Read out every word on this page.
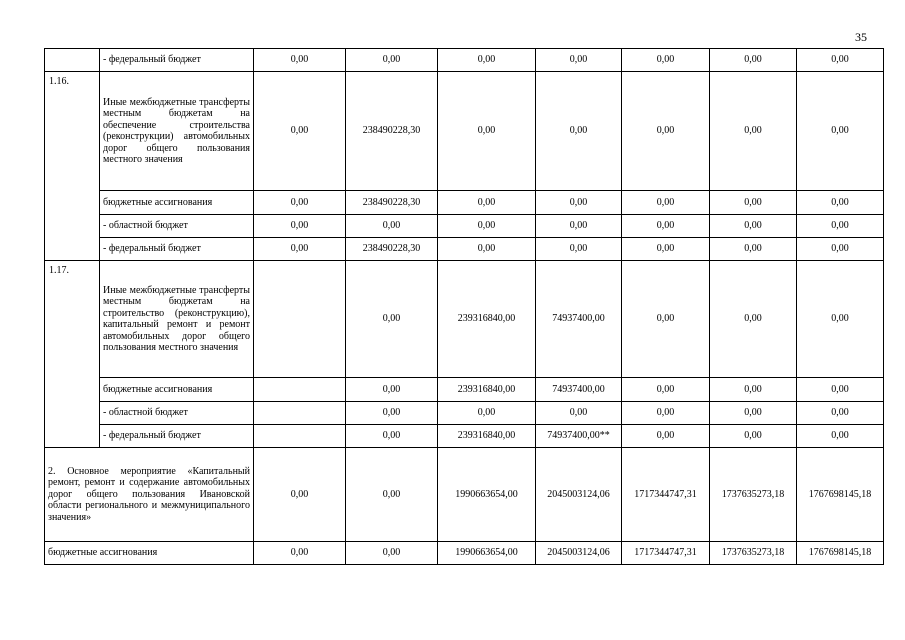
35
	- федеральный бюджет	0,00	0,00	0,00	0,00	0,00	0,00	0,00
1.16.	Иные межбюджетные трансферты местным бюджетам на обеспечение строительства (реконструкции) автомобильных дорог общего пользования местного значения	0,00	238490228,30	0,00	0,00	0,00	0,00	0,00
	бюджетные ассигнования	0,00	238490228,30	0,00	0,00	0,00	0,00	0,00
	- областной бюджет	0,00	0,00	0,00	0,00	0,00	0,00	0,00
	- федеральный бюджет	0,00	238490228,30	0,00	0,00	0,00	0,00	0,00
1.17.	Иные межбюджетные трансферты местным бюджетам на строительство (реконструкцию), капитальный ремонт и ремонт автомобильных дорог общего пользования местного значения		0,00	239316840,00	74937400,00	0,00	0,00	0,00
	бюджетные ассигнования		0,00	239316840,00	74937400,00	0,00	0,00	0,00
	- областной бюджет		0,00	0,00	0,00	0,00	0,00	0,00
	- федеральный бюджет		0,00	239316840,00	74937400,00**	0,00	0,00	0,00
2. Основное мероприятие «Капитальный ремонт, ремонт и содержание автомобильных дорог общего пользования Ивановской области регионального и межмуниципального значения»		0,00	0,00	1990663654,00	2045003124,06	1717344747,31	1737635273,18	1767698145,18
бюджетные ассигнования		0,00	0,00	1990663654,00	2045003124,06	1717344747,31	1737635273,18	1767698145,18
